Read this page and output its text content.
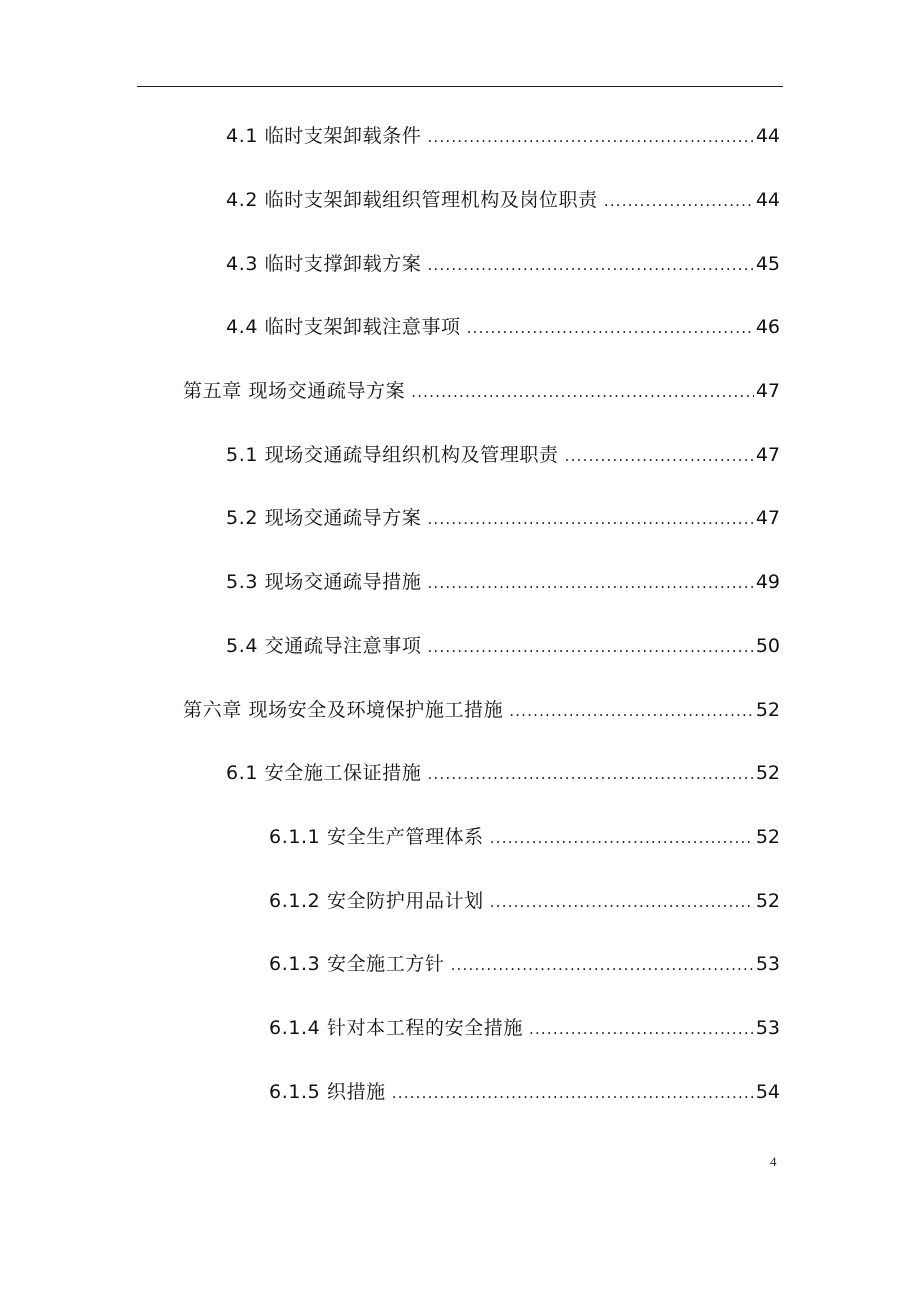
4.1 临时支架卸载条件 .....	44
4.2 临时支架卸载组织管理机构及岗位职责 .....	44
4.3 临时支撑卸载方案 .....	45
4.4 临时支架卸载注意事项 .....	46
第五章 现场交通疏导方案 .....	47
5.1 现场交通疏导组织机构及管理职责 .....	47
5.2 现场交通疏导方案 .....	47
5.3 现场交通疏导措施 .....	49
5.4 交通疏导注意事项 .....	50
第六章 现场安全及环境保护施工措施 .....	52
6.1 安全施工保证措施 .....	52
6.1.1 安全生产管理体系 .....	52
6.1.2 安全防护用品计划 .....	52
6.1.3 安全施工方针 .....	53
6.1.4 针对本工程的安全措施 .....	53
6.1.5 织措施 .....	54
4
